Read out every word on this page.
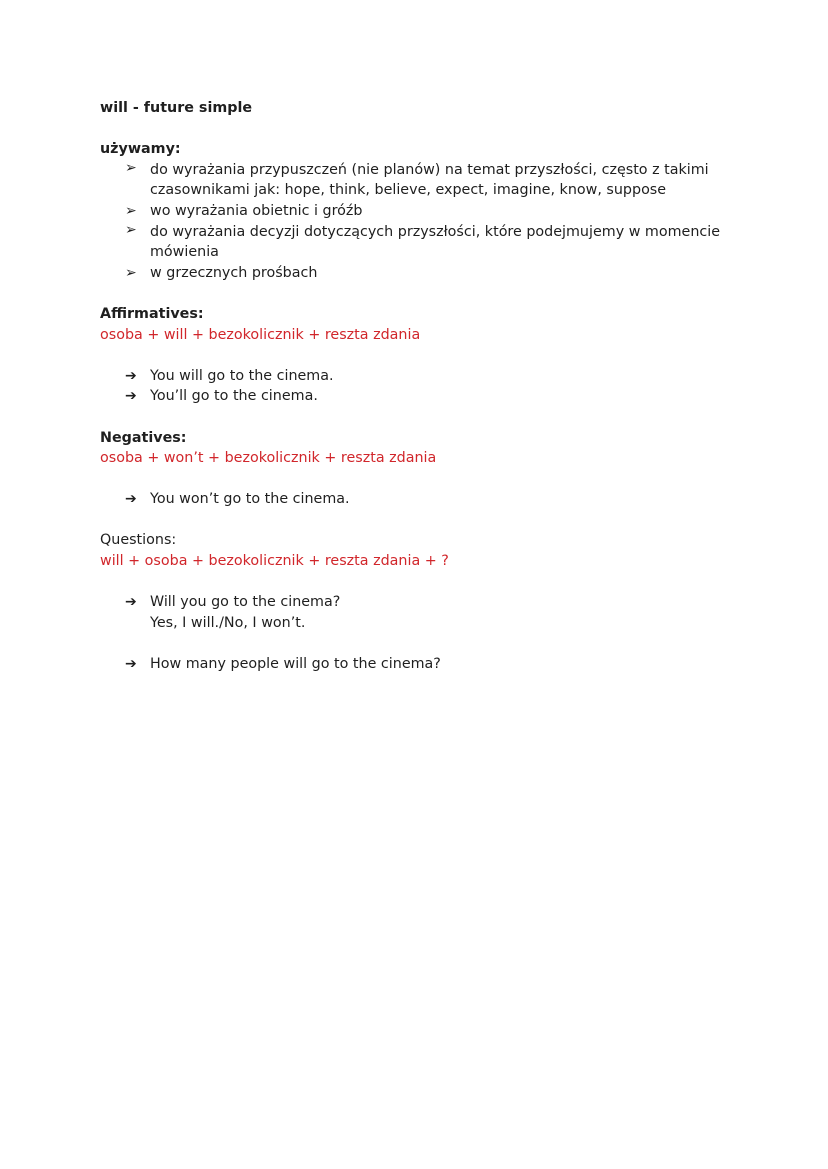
will - future simple
używamy:
➢ do wyrażania przypuszczeń (nie planów) na temat przyszłości, często z takimi czasownikami jak: hope, think, believe, expect, imagine, know, suppose
➢ wo wyrażania obietnic i gróźb
➢ do wyrażania decyzji dotyczących przyszłości, które podejmujemy w momencie mówienia
➢ w grzecznych prośbach
Affirmatives:
osoba + will + bezokolicznik + reszta zdania
➔ You will go to the cinema.
➔ You’ll go to the cinema.
Negatives:
osoba + won’t + bezokolicznik + reszta zdania
➔ You won’t go to the cinema.
Questions:
will + osoba + bezokolicznik + reszta zdania + ?
➔ Will you go to the cinema?
Yes, I will./No, I won’t.
➔ How many people will go to the cinema?
